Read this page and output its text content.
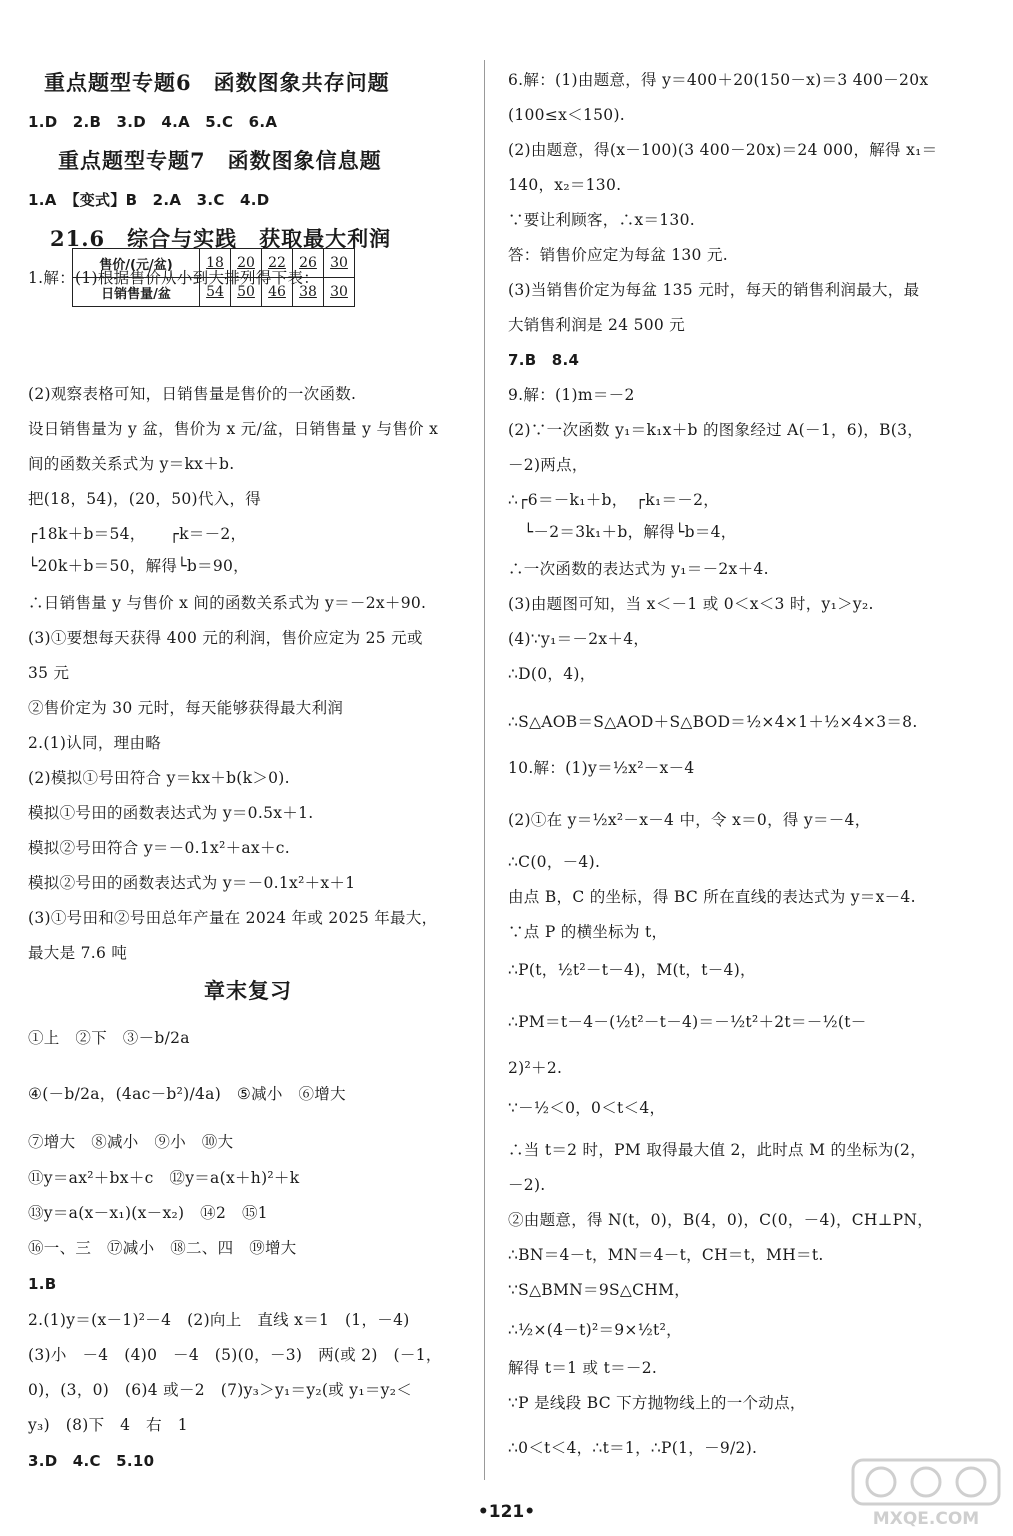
重点题型专题6　函数图象共存问题
1.D　2.B　3.D　4.A　5.C　6.A
重点题型专题7　函数图象信息题
1.A　【变式】B　2.A　3.C　4.D
21.6　综合与实践　获取最大利润
1.解：(1)根据售价从小到大排列得下表：
(2)观察表格可知，日销售量是售价的一次函数.
设日销售量为 y 盆，售价为 x 元/盆，日销售量 y 与售价 x
间的函数关系式为 y＝kx＋b.
把(18，54)，(20，50)代入，得
┌18k＋b＝54，　　┌k＝－2，
└20k＋b＝50，解得└b＝90，
∴日销售量 y 与售价 x 间的函数关系式为 y＝－2x＋90.
(3)①要想每天获得 400 元的利润，售价应定为 25 元或
35 元
②售价定为 30 元时，每天能够获得最大利润
2.(1)认同，理由略
(2)模拟①号田符合 y＝kx＋b(k＞0).
模拟①号田的函数表达式为 y＝0.5x＋1.
模拟②号田符合 y＝－0.1x²＋ax＋c.
模拟②号田的函数表达式为 y＝－0.1x²＋x＋1
(3)①号田和②号田总年产量在 2024 年或 2025 年最大，
最大是 7.6 吨
章末复习
①上　②下　③－b/2a
④(－b/2a，(4ac－b²)/4a)　⑤减小　⑥增大
⑦增大　⑧减小　⑨小　⑩大
⑪y＝ax²＋bx＋c　⑫y＝a(x＋h)²＋k
⑬y＝a(x－x₁)(x－x₂)　⑭2　⑮1
⑯一、三　⑰减小　⑱二、四　⑲增大
1.B
2.(1)y＝(x－1)²－4　(2)向上　直线 x＝1　(1，－4)
(3)小　－4　(4)0　－4　(5)(0，－3)　两(或 2)　(－1，
0)，(3，0)　(6)4 或－2　(7)y₃＞y₁＝y₂(或 y₁＝y₂＜
y₃)　(8)下　4　右　1
3.D　4.C　5.10
售价/(元/盆)	18	20	22	26	30
日销售量/盆	54	50	46	38	30
6.解：(1)由题意，得 y＝400＋20(150－x)＝3 400－20x
(100≤x＜150).
(2)由题意，得(x－100)(3 400－20x)＝24 000，解得 x₁＝
140，x₂＝130.
∵要让利顾客，∴x＝130.
答：销售价应定为每盆 130 元.
(3)当销售价定为每盆 135 元时，每天的销售利润最大，最
大销售利润是 24 500 元
7.B　8.4
9.解：(1)m＝－2
(2)∵一次函数 y₁＝k₁x＋b 的图象经过 A(－1，6)，B(3，
－2)两点，
∴┌6＝－k₁＋b，　┌k₁＝－2，
　└－2＝3k₁＋b，解得└b＝4，
∴一次函数的表达式为 y₁＝－2x＋4.
(3)由题图可知，当 x＜－1 或 0＜x＜3 时，y₁＞y₂.
(4)∵y₁＝－2x＋4，
∴D(0，4)，
∴S△AOB＝S△AOD＋S△BOD＝½×4×1＋½×4×3＝8.
10.解：(1)y＝½x²－x－4
(2)①在 y＝½x²－x－4 中，令 x＝0，得 y＝－4，
∴C(0，－4).
由点 B，C 的坐标，得 BC 所在直线的表达式为 y＝x－4.
∵点 P 的横坐标为 t，
∴P(t，½t²－t－4)，M(t，t－4)，
∴PM＝t－4－(½t²－t－4)＝－½t²＋2t＝－½(t－
2)²＋2.
∵－½＜0，0＜t＜4，
∴当 t＝2 时，PM 取得最大值 2，此时点 M 的坐标为(2，
－2).
②由题意，得 N(t，0)，B(4，0)，C(0，－4)，CH⊥PN，
∴BN＝4－t，MN＝4－t，CH＝t，MH＝t.
∵S△BMN＝9S△CHM，
∴½×(4－t)²＝9×½t²，
解得 t＝1 或 t＝－2.
∵P 是线段 BC 下方抛物线上的一个动点，
∴0＜t＜4，∴t＝1，∴P(1，－9/2).
•121•	MXQE.COM
